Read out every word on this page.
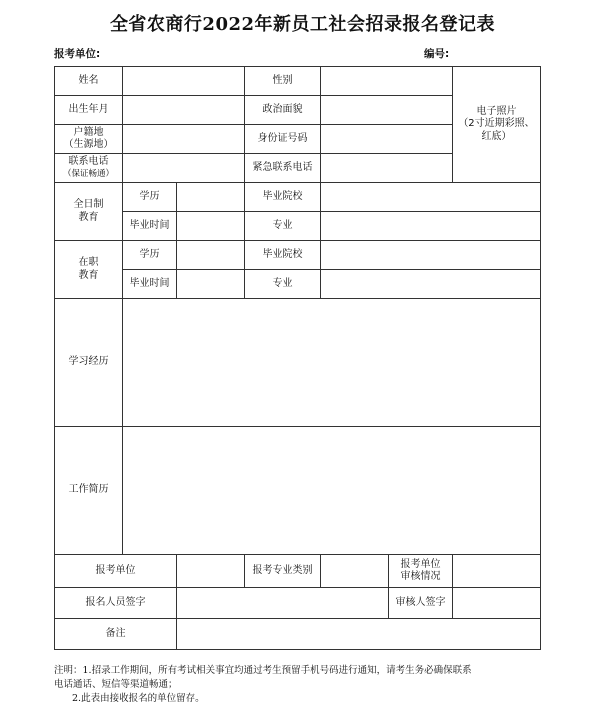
全省农商行2022年新员工社会招录报名登记表
报考单位:	编号:
姓名			性别			电子照片
（2寸近期彩照、
红底）

出生年月			政治面貌			

户籍地
（生源地）			身份证号码			

联系电话
（保证畅通）			紧急联系电话			

全日制
教育	学历		毕业院校			
	毕业时间		专业			

在职
教育	学历		毕业院校			
	毕业时间		专业			
学习经历						
工作简历						
报考单位			报考专业类别		报考单位
审核情况	

报名人员签字					审核人签字	
备注						
注明：1.招录工作期间，所有考试相关事宜均通过考生预留手机号码进行通知，请考生务必确保联系
电话通话、短信等渠道畅通；
2.此表由接收报名的单位留存。
